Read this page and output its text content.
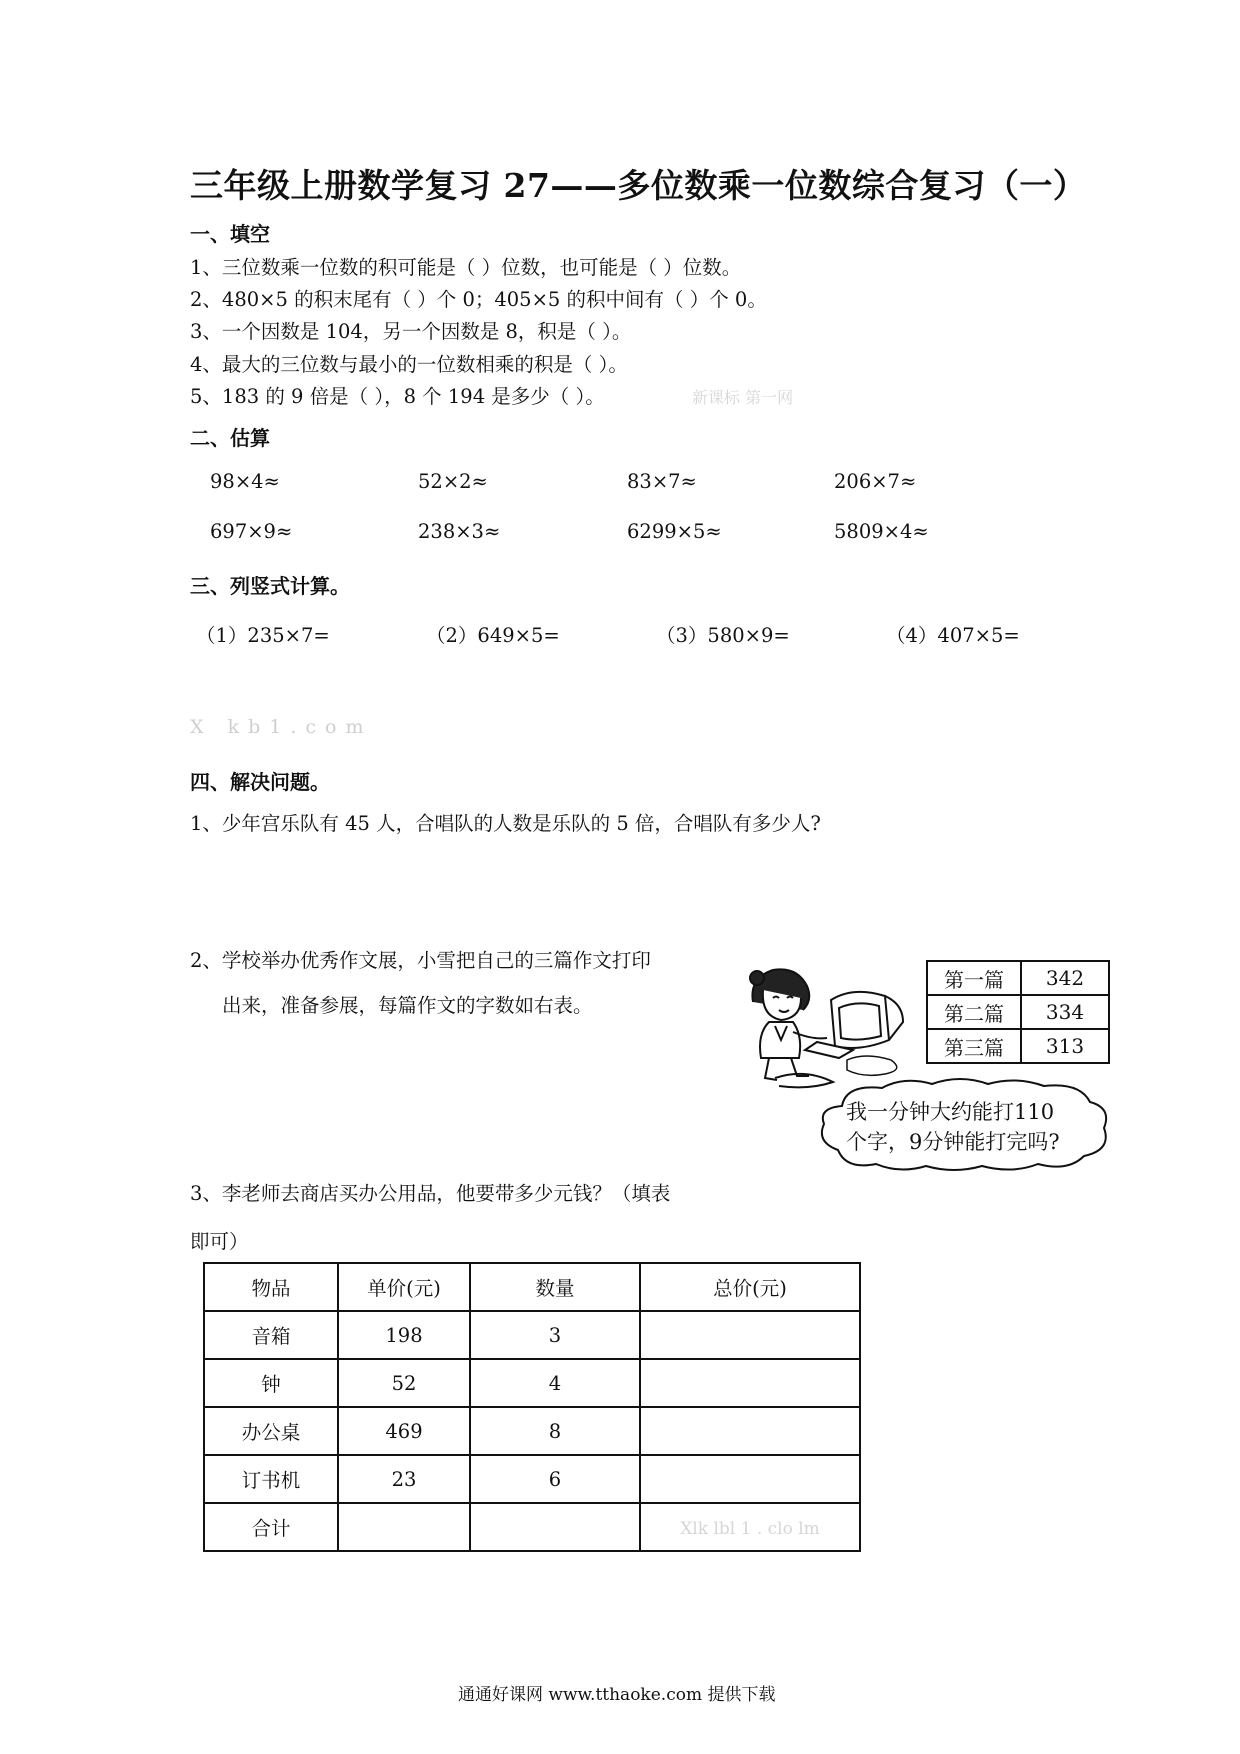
三年级上册数学复习 27——多位数乘一位数综合复习（一）
一、填空
1、三位数乘一位数的积可能是（ ）位数，也可能是（ ）位数。
2、480×5 的积末尾有（ ）个 0；405×5 的积中间有（ ）个 0。
3、一个因数是 104，另一个因数是 8，积是（ ）。
4、最大的三位数与最小的一位数相乘的积是（ ）。
5、183 的 9 倍是（ ），8 个 194 是多少（ ）。	新课标 第一网
二、估算
98×4≈	52×2≈	83×7≈	206×7≈
697×9≈	238×3≈	6299×5≈	5809×4≈
三、列竖式计算。
（1）235×7=	（2）649×5=	（3）580×9=	（4）407×5=
X kb1.com
四、解决问题。
1、少年宫乐队有 45 人，合唱队的人数是乐队的 5 倍，合唱队有多少人?
2、学校举办优秀作文展，小雪把自己的三篇作文打印
出来，准备参展，每篇作文的字数如右表。
第一篇	342
第二篇	334
第三篇	313
我一分钟大约能打110
个字，9分钟能打完吗?
3、李老师去商店买办公用品，他要带多少元钱？（填表
即可）
物品	单价(元)	数量	总价(元)
音箱	198	3	
钟	52	4	
办公桌	469	8	
订书机	23	6	
合计			Xlk lbl 1 . clo lm
通通好课网 www.tthaoke.com 提供下载
